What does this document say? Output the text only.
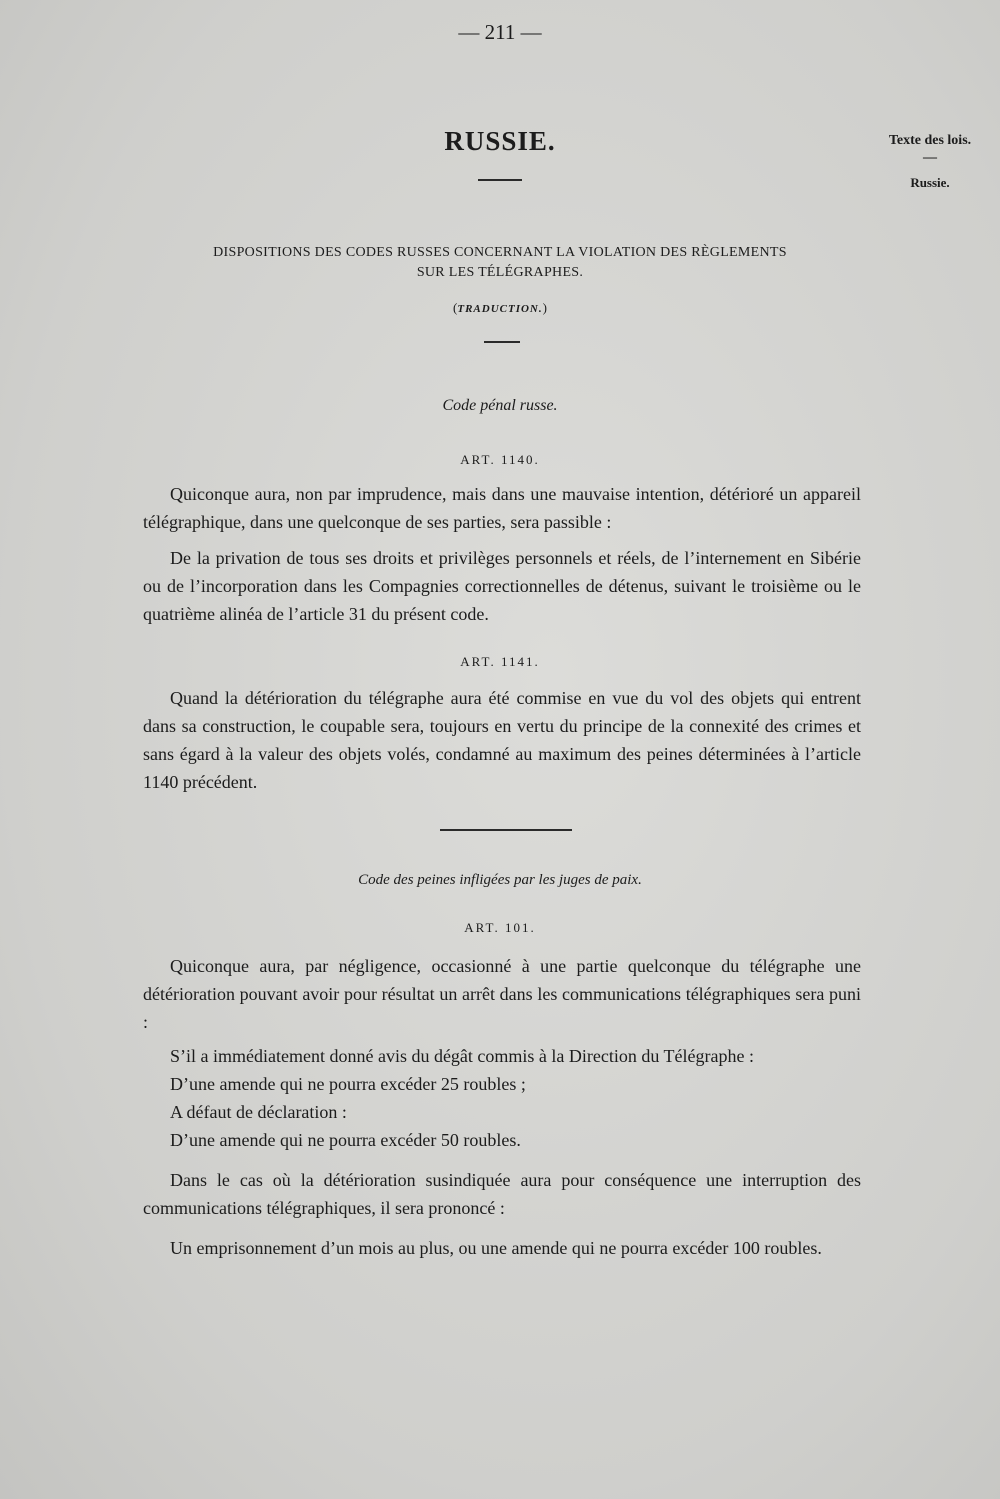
— 211 —
Texte des lois.
—
Russie.
RUSSIE.
DISPOSITIONS DES CODES RUSSES CONCERNANT LA VIOLATION DES RÈGLEMENTS
SUR LES TÉLÉGRAPHES.
(TRADUCTION.)
Code pénal russe.
ART. 1140.
Quiconque aura, non par imprudence, mais dans une mauvaise intention, détérioré un appareil télégraphique, dans une quelconque de ses parties, sera passible :
De la privation de tous ses droits et privilèges personnels et réels, de l’internement en Sibérie ou de l’incorporation dans les Compagnies correctionnelles de détenus, suivant le troisième ou le quatrième alinéa de l’article 31 du présent code.
ART. 1141.
Quand la détérioration du télégraphe aura été commise en vue du vol des objets qui entrent dans sa construction, le coupable sera, toujours en vertu du principe de la connexité des crimes et sans égard à la valeur des objets volés, condamné au maximum des peines déterminées à l’article 1140 précédent.
Code des peines infligées par les juges de paix.
ART. 101.
Quiconque aura, par négligence, occasionné à une partie quelconque du télégraphe une détérioration pouvant avoir pour résultat un arrêt dans les communications télégraphiques sera puni :
S’il a immédiatement donné avis du dégât commis à la Direction du Télégraphe :
D’une amende qui ne pourra excéder 25 roubles ;
A défaut de déclaration :
D’une amende qui ne pourra excéder 50 roubles.
Dans le cas où la détérioration susindiquée aura pour conséquence une interruption des communications télégraphiques, il sera prononcé :
Un emprisonnement d’un mois au plus, ou une amende qui ne pourra excéder 100 roubles.
